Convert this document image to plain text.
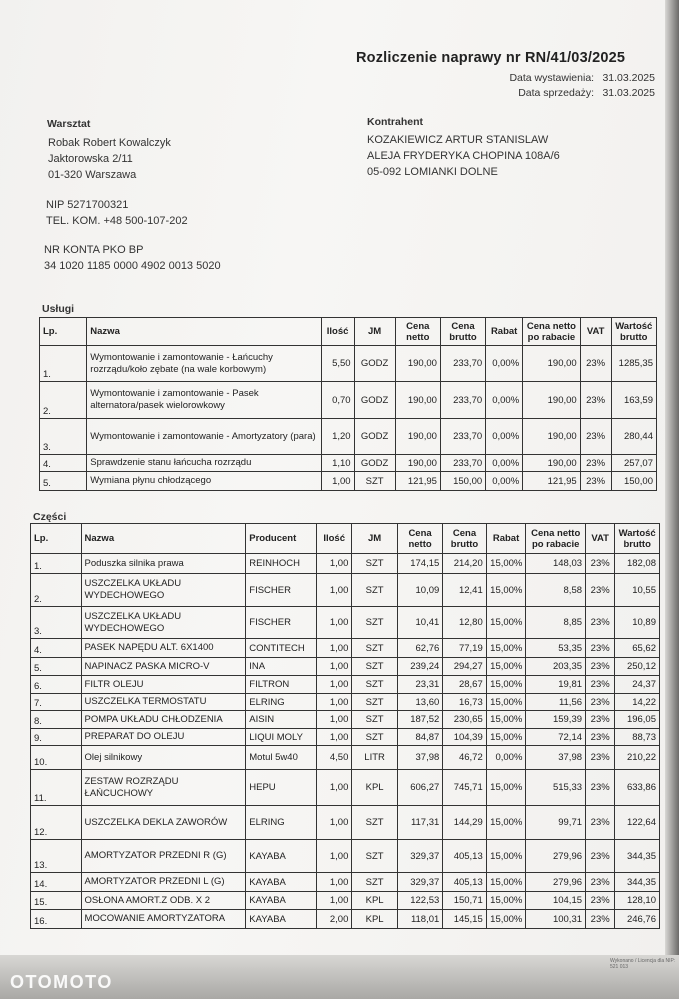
Rozliczenie naprawy nr RN/41/03/2025
Data wystawienia: 31.03.2025
Data sprzedaży: 31.03.2025
Warsztat
Robak Robert Kowalczyk
Jaktorowska 2/11
01-320 Warszawa
NIP 5271700321
TEL. KOM. +48 500-107-202
NR KONTA PKO BP
34 1020 1185 0000 4902 0013 5020
Kontrahent
KOZAKIEWICZ ARTUR STANISLAW
ALEJA FRYDERYKA CHOPINA 108A/6
05-092 LOMIANKI DOLNE
Usługi
Lp.	Nazwa	Ilość	JM	Cena netto	Cena brutto	Rabat	Cena netto po rabacie	VAT	Wartość brutto
1.	Wymontowanie i zamontowanie - Łańcuchy rozrządu/koło zębate (na wale korbowym)	5,50	GODZ	190,00	233,70	0,00%	190,00	23%	1285,35
2.	Wymontowanie i zamontowanie - Pasek alternatora/pasek wielorowkowy	0,70	GODZ	190,00	233,70	0,00%	190,00	23%	163,59
3.	Wymontowanie i zamontowanie - Amortyzatory (para)	1,20	GODZ	190,00	233,70	0,00%	190,00	23%	280,44
4.	Sprawdzenie stanu łańcucha rozrządu	1,10	GODZ	190,00	233,70	0,00%	190,00	23%	257,07
5.	Wymiana płynu chłodzącego	1,00	SZT	121,95	150,00	0,00%	121,95	23%	150,00
Części
Lp.	Nazwa	Producent	Ilość	JM	Cena netto	Cena brutto	Rabat	Cena netto po rabacie	VAT	Wartość brutto
1.	Poduszka silnika prawa	REINHOCH	1,00	SZT	174,15	214,20	15,00%	148,03	23%	182,08
2.	USZCZELKA UKŁADU WYDECHOWEGO	FISCHER	1,00	SZT	10,09	12,41	15,00%	8,58	23%	10,55
3.	USZCZELKA UKŁADU WYDECHOWEGO	FISCHER	1,00	SZT	10,41	12,80	15,00%	8,85	23%	10,89
4.	PASEK NAPĘDU ALT. 6X1400	CONTITECH	1,00	SZT	62,76	77,19	15,00%	53,35	23%	65,62
5.	NAPINACZ PASKA MICRO-V	INA	1,00	SZT	239,24	294,27	15,00%	203,35	23%	250,12
6.	FILTR OLEJU	FILTRON	1,00	SZT	23,31	28,67	15,00%	19,81	23%	24,37
7.	USZCZELKA TERMOSTATU	ELRING	1,00	SZT	13,60	16,73	15,00%	11,56	23%	14,22
8.	POMPA UKŁADU CHŁODZENIA	AISIN	1,00	SZT	187,52	230,65	15,00%	159,39	23%	196,05
9.	PREPARAT DO OLEJU	LIQUI MOLY	1,00	SZT	84,87	104,39	15,00%	72,14	23%	88,73
10.	Olej silnikowy	Motul 5w40	4,50	LITR	37,98	46,72	0,00%	37,98	23%	210,22
11.	ZESTAW ROZRZĄDU ŁAŃCUCHOWY	HEPU	1,00	KPL	606,27	745,71	15,00%	515,33	23%	633,86
12.	USZCZELKA DEKLA ZAWORÓW	ELRING	1,00	SZT	117,31	144,29	15,00%	99,71	23%	122,64
13.	AMORTYZATOR PRZEDNI R (G)	KAYABA	1,00	SZT	329,37	405,13	15,00%	279,96	23%	344,35
14.	AMORTYZATOR PRZEDNI L (G)	KAYABA	1,00	SZT	329,37	405,13	15,00%	279,96	23%	344,35
15.	OSŁONA AMORT.Z ODB. X 2	KAYABA	1,00	KPL	122,53	150,71	15,00%	104,15	23%	128,10
16.	MOCOWANIE AMORTYZATORA	KAYABA	2,00	KPL	118,01	145,15	15,00%	100,31	23%	246,76
Wykonano / Licencja dla NIP: 521 013
OTOMOTO
